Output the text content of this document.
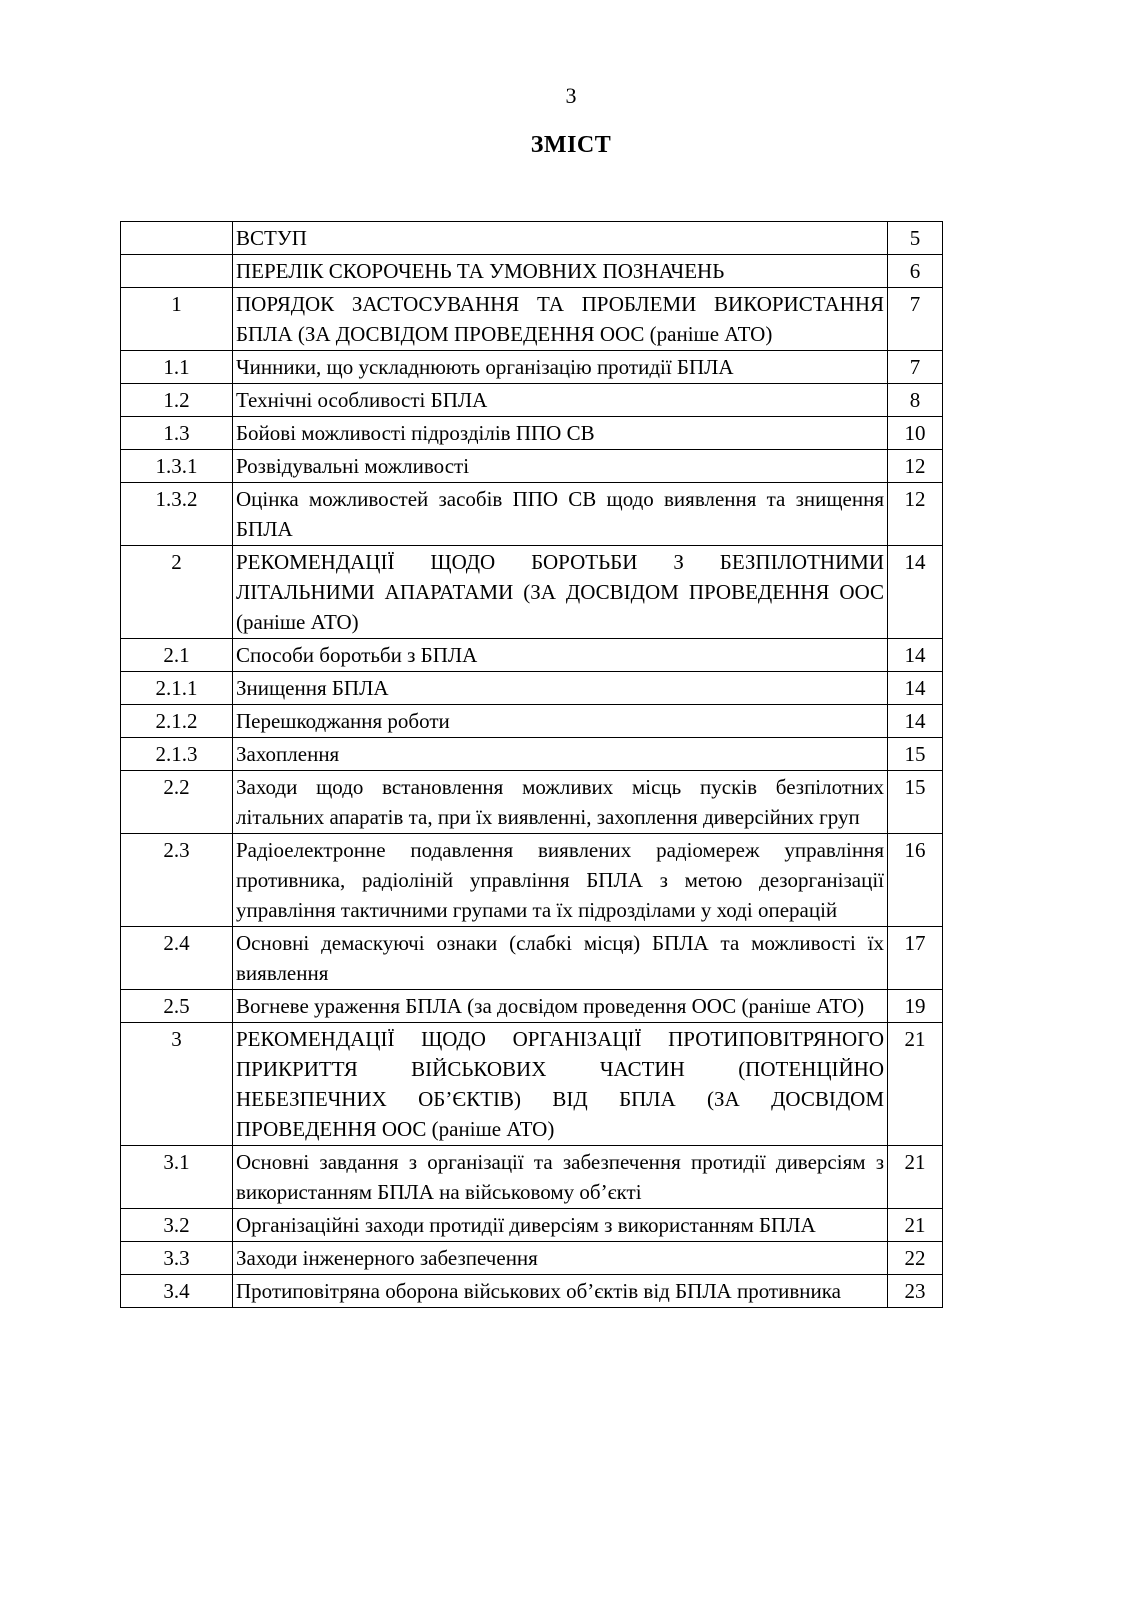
3
ЗМІСТ
	ВСТУП	5
	ПЕРЕЛІК СКОРОЧЕНЬ ТА УМОВНИХ ПОЗНАЧЕНЬ	6
1	ПОРЯДОК ЗАСТОСУВАННЯ ТА ПРОБЛЕМИ ВИКОРИСТАННЯ БПЛА (ЗА ДОСВІДОМ ПРОВЕДЕННЯ ООС (раніше АТО)	7
1.1	Чинники, що ускладнюють організацію протидії БПЛА	7
1.2	Технічні особливості БПЛА	8
1.3	Бойові можливості підрозділів ППО СВ	10
1.3.1	Розвідувальні можливості	12
1.3.2	Оцінка можливостей засобів ППО СВ щодо виявлення та знищення БПЛА	12
2	РЕКОМЕНДАЦІЇ ЩОДО БОРОТЬБИ З БЕЗПІЛОТНИМИ ЛІТАЛЬНИМИ АПАРАТАМИ (ЗА ДОСВІДОМ ПРОВЕДЕННЯ ООС (раніше АТО)	14
2.1	Способи боротьби з БПЛА	14
2.1.1	Знищення БПЛА	14
2.1.2	Перешкоджання роботи	14
2.1.3	Захоплення	15
2.2	Заходи щодо встановлення можливих місць пусків безпілотних літальних апаратів та, при їх виявленні, захоплення диверсійних груп	15
2.3	Радіоелектронне подавлення виявлених радіомереж управління противника, радіоліній управління БПЛА з метою дезорганізації управління тактичними групами та їх підрозділами у ході операцій	16
2.4	Основні демаскуючі ознаки (слабкі місця) БПЛА та можливості їх виявлення	17
2.5	Вогневе ураження БПЛА (за досвідом проведення ООС (раніше АТО)	19
3	РЕКОМЕНДАЦІЇ ЩОДО ОРГАНІЗАЦІЇ ПРОТИПОВІТРЯНОГО ПРИКРИТТЯ ВІЙСЬКОВИХ ЧАСТИН (ПОТЕНЦІЙНО НЕБЕЗПЕЧНИХ ОБ’ЄКТІВ) ВІД БПЛА (ЗА ДОСВІДОМ ПРОВЕДЕННЯ ООС (раніше АТО)	21
3.1	Основні завдання з організації та забезпечення протидії диверсіям з використанням БПЛА на військовому об’єкті	21
3.2	Організаційні заходи протидії диверсіям з використанням БПЛА	21
3.3	Заходи інженерного забезпечення	22
3.4	Протиповітряна оборона військових об’єктів від БПЛА противника	23
